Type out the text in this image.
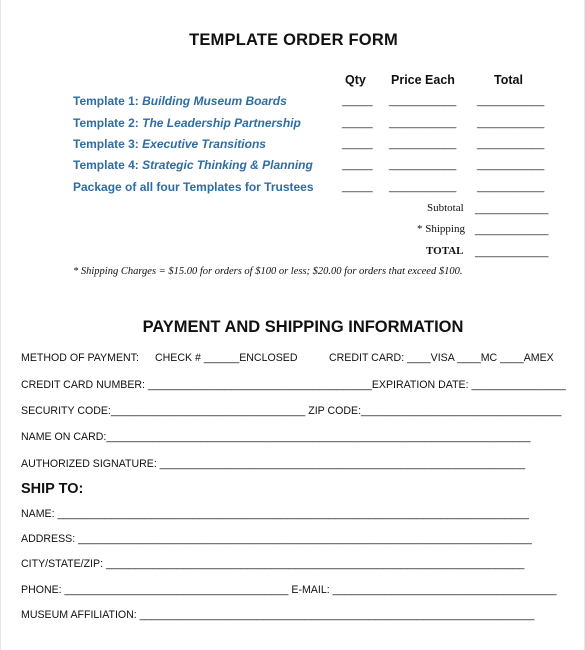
TEMPLATE ORDER FORM
Qty Price Each	Total
Template 1: Building Museum Boards
Template 2: The Leadership Partnership
Template 3: Executive Transitions
Template 4: Strategic Thinking & Planning
Package of all four Templates for Trustees
_____
_____
_____
_____
_____
___________
___________
___________
___________
___________
___________
___________
___________
___________
___________
Subtotal ____________
* Shipping ____________
TOTAL ____________
* Shipping Charges = $15.00 for orders of $100 or less; $20.00 for orders that exceed $100.
PAYMENT AND SHIPPING INFORMATION
METHOD OF PAYMENT: CHECK # ______ENCLOSED	CREDIT CARD: ____VISA ____MC ____AMEX
CREDIT CARD NUMBER: ______________________________________EXPIRATION DATE: ________________
SECURITY CODE:_________________________________ ZIP CODE:__________________________________
NAME ON CARD:________________________________________________________________________
AUTHORIZED SIGNATURE: ______________________________________________________________
SHIP TO:
NAME: ________________________________________________________________________________
ADDRESS: _____________________________________________________________________________
CITY/STATE/ZIP: _______________________________________________________________________
PHONE: ______________________________________ E-MAIL: ______________________________________
MUSEUM AFFILIATION: ___________________________________________________________________
